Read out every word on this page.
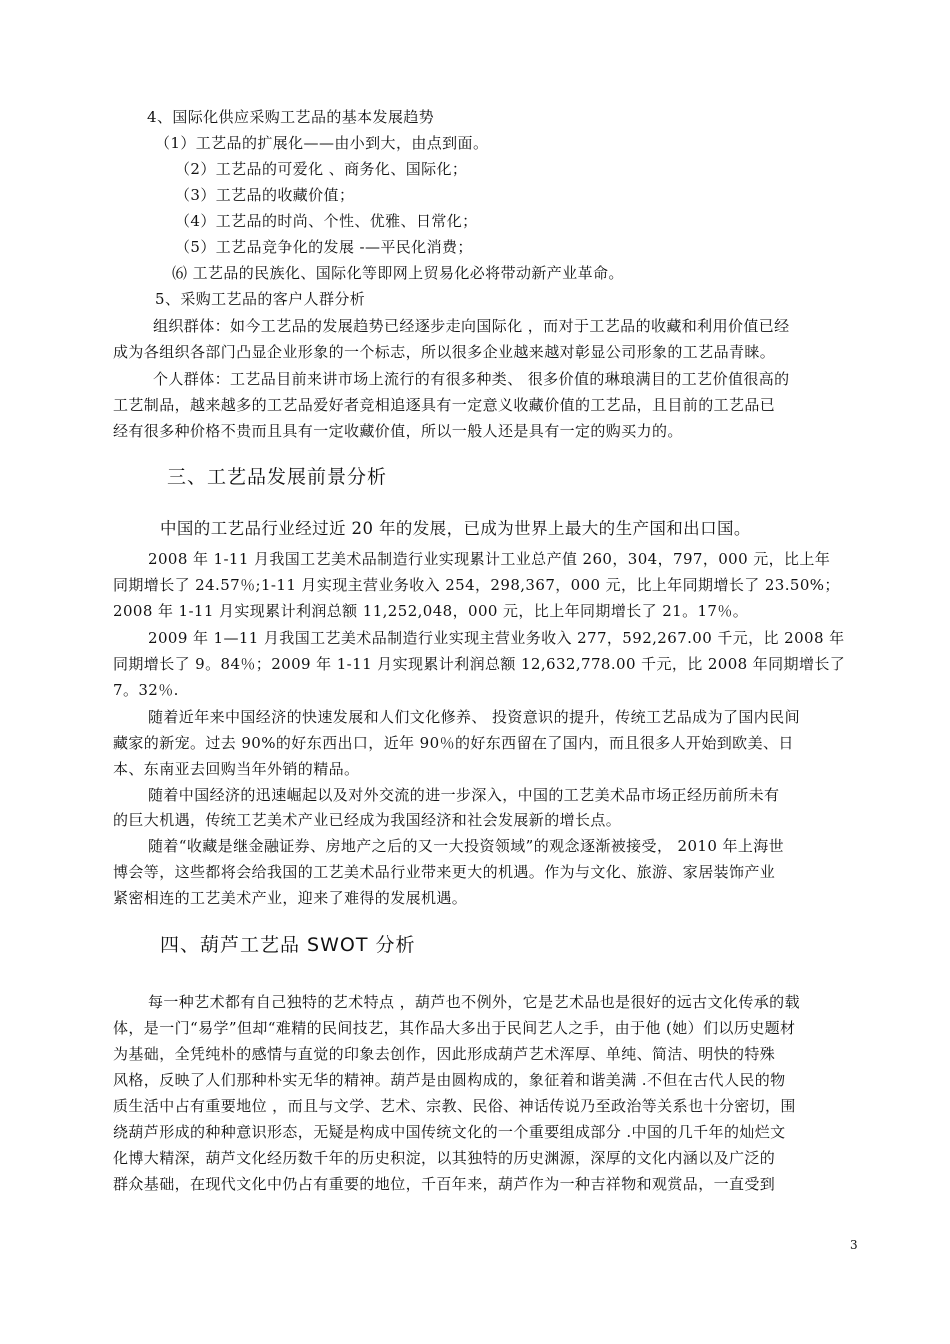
4、国际化供应采购工艺品的基本发展趋势
（1）工艺品的扩展化——由小到大，由点到面。
（2）工艺品的可爱化 、商务化、国际化；
（3）工艺品的收藏价值；
（4）工艺品的时尚、个性、优雅、日常化；
（5）工艺品竞争化的发展 -—平民化消费；
⑹ 工艺品的民族化、国际化等即网上贸易化必将带动新产业革命。
5、采购工艺品的客户人群分析
组织群体：如今工艺品的发展趋势已经逐步走向国际化 ，而对于工艺品的收藏和利用价值已经
成为各组织各部门凸显企业形象的一个标志，所以很多企业越来越对彰显公司形象的工艺品青睐。
个人群体：工艺品目前来讲市场上流行的有很多种类、 很多价值的琳琅满目的工艺价值很高的
工艺制品，越来越多的工艺品爱好者竞相追逐具有一定意义收藏价值的工艺品，且目前的工艺品已
经有很多种价格不贵而且具有一定收藏价值，所以一般人还是具有一定的购买力的。
三、工艺品发展前景分析
中国的工艺品行业经过近 20 年的发展，已成为世界上最大的生产国和出口国。
2008 年 1-11 月我国工艺美术品制造行业实现累计工业总产值 260，304，797，000 元，比上年
同期增长了 24.57％;1-11 月实现主营业务收入 254，298,367，000 元，比上年同期增长了 23.50%；
2008 年 1-11 月实现累计利润总额 11,252,048，000 元，比上年同期增长了 21。17％。
2009 年 1—11 月我国工艺美术品制造行业实现主营业务收入 277，592,267.00 千元，比 2008 年
同期增长了 9。84％；2009 年 1-11 月实现累计利润总额 12,632,778.00 千元，比 2008 年同期增长了
7。32％.
随着近年来中国经济的快速发展和人们文化修养、 投资意识的提升，传统工艺品成为了国内民间
藏家的新宠。过去 90%的好东西出口，近年 90％的好东西留在了国内，而且很多人开始到欧美、日
本、东南亚去回购当年外销的精品。
随着中国经济的迅速崛起以及对外交流的进一步深入，中国的工艺美术品市场正经历前所未有
的巨大机遇，传统工艺美术产业已经成为我国经济和社会发展新的增长点。
随着“收藏是继金融证券、房地产之后的又一大投资领域”的观念逐渐被接受， 2010 年上海世
博会等，这些都将会给我国的工艺美术品行业带来更大的机遇。作为与文化、旅游、家居装饰产业
紧密相连的工艺美术产业，迎来了难得的发展机遇。
四、葫芦工艺品 SWOT 分析
每一种艺术都有自己独特的艺术特点 ，葫芦也不例外，它是艺术品也是很好的远古文化传承的载
体，是一门“易学”但却“难精的民间技艺，其作品大多出于民间艺人之手，由于他 (她）们以历史题材
为基础，全凭纯朴的感情与直觉的印象去创作，因此形成葫芦艺术浑厚、单纯、简洁、明快的特殊
风格，反映了人们那种朴实无华的精神。葫芦是由圆构成的，象征着和谐美满 .不但在古代人民的物
质生活中占有重要地位 ，而且与文学、艺术、宗教、民俗、神话传说乃至政治等关系也十分密切，围
绕葫芦形成的种种意识形态，无疑是构成中国传统文化的一个重要组成部分 .中国的几千年的灿烂文
化博大精深，葫芦文化经历数千年的历史积淀，以其独特的历史渊源，深厚的文化内涵以及广泛的
群众基础，在现代文化中仍占有重要的地位，千百年来，葫芦作为一种吉祥物和观赏品，一直受到
3
